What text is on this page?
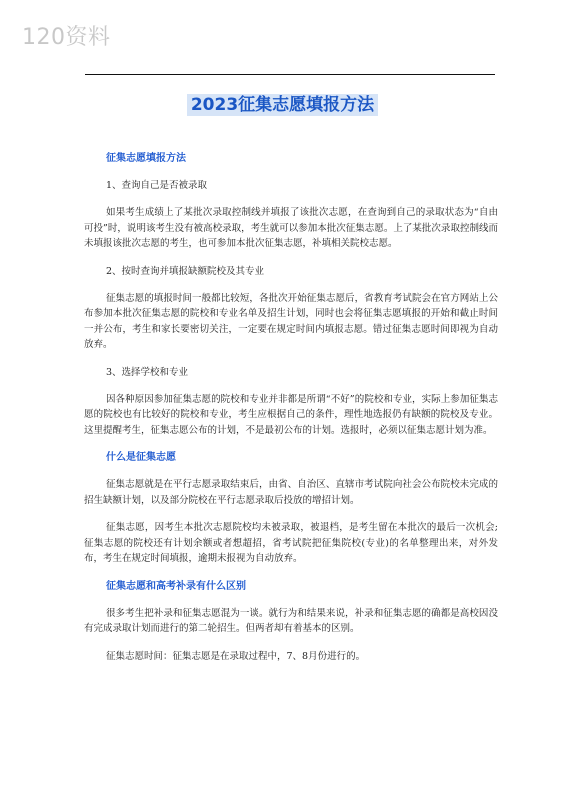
120资料
2023征集志愿填报方法
征集志愿填报方法
1、查询自己是否被录取

如果考生成绩上了某批次录取控制线并填报了该批次志愿，在查询到自己的录取状态为“自由可投”时，说明该考生没有被高校录取，考生就可以参加本批次征集志愿。上了某批次录取控制线而未填报该批次志愿的考生，也可参加本批次征集志愿，补填相关院校志愿。

2、按时查询并填报缺额院校及其专业

征集志愿的填报时间一般都比较短，各批次开始征集志愿后，省教育考试院会在官方网站上公布参加本批次征集志愿的院校和专业名单及招生计划，同时也会将征集志愿填报的开始和截止时间一并公布，考生和家长要密切关注，一定要在规定时间内填报志愿。错过征集志愿时间即视为自动放弃。

3、选择学校和专业

因各种原因参加征集志愿的院校和专业并非都是所谓“不好”的院校和专业，实际上参加征集志愿的院校也有比较好的院校和专业，考生应根据自己的条件，理性地选报仍有缺额的院校及专业。这里提醒考生，征集志愿公布的计划，不是最初公布的计划。选报时，必须以征集志愿计划为准。

什么是征集志愿

征集志愿就是在平行志愿录取结束后，由省、自治区、直辖市考试院向社会公布院校未完成的招生缺额计划，以及部分院校在平行志愿录取后投放的增招计划。

征集志愿，因考生本批次志愿院校均未被录取，被退档，是考生留在本批次的最后一次机会;征集志愿的院校还有计划余额或者想超招，省考试院把征集院校(专业)的名单整理出来，对外发布，考生在规定时间填报，逾期未报视为自动放弃。

征集志愿和高考补录有什么区别

很多考生把补录和征集志愿混为一谈。就行为和结果来说，补录和征集志愿的确都是高校因没有完成录取计划而进行的第二轮招生。但两者却有着基本的区别。

征集志愿时间：征集志愿是在录取过程中，7、8月份进行的。
